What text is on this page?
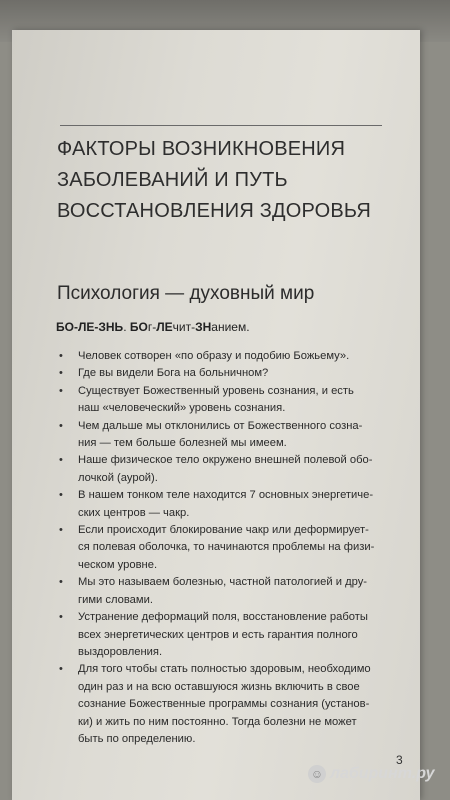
ФАКТОРЫ ВОЗНИКНОВЕНИЯ
ЗАБОЛЕВАНИЙ И ПУТЬ
ВОССТАНОВЛЕНИЯ ЗДОРОВЬЯ
Психология — духовный мир
БО-ЛЕ-ЗНЬ. БОг-ЛЕчит-ЗНанием.
• Человек сотворен «по образу и подобию Божьему».
• Где вы видели Бога на больничном?
• Существует Божественный уровень сознания, и есть
наш «человеческий» уровень сознания.
• Чем дальше мы отклонились от Божественного созна-
ния — тем больше болезней мы имеем.
• Наше физическое тело окружено внешней полевой обо-
лочкой (аурой).
• В нашем тонком теле находится 7 основных энергетиче-
ских центров — чакр.
• Если происходит блокирование чакр или деформирует-
ся полевая оболочка, то начинаются проблемы на физи-
ческом уровне.
• Мы это называем болезнью, частной патологией и дру-
гими словами.
• Устранение деформаций поля, восстановление работы
всех энергетических центров и есть гарантия полного
выздоровления.
• Для того чтобы стать полностью здоровым, необходимо
один раз и на всю оставшуюся жизнь включить в свое
сознание Божественные программы сознания (установ-
ки) и жить по ним постоянно. Тогда болезни не может
быть по определению.
3
☺ лабиринт.ру
